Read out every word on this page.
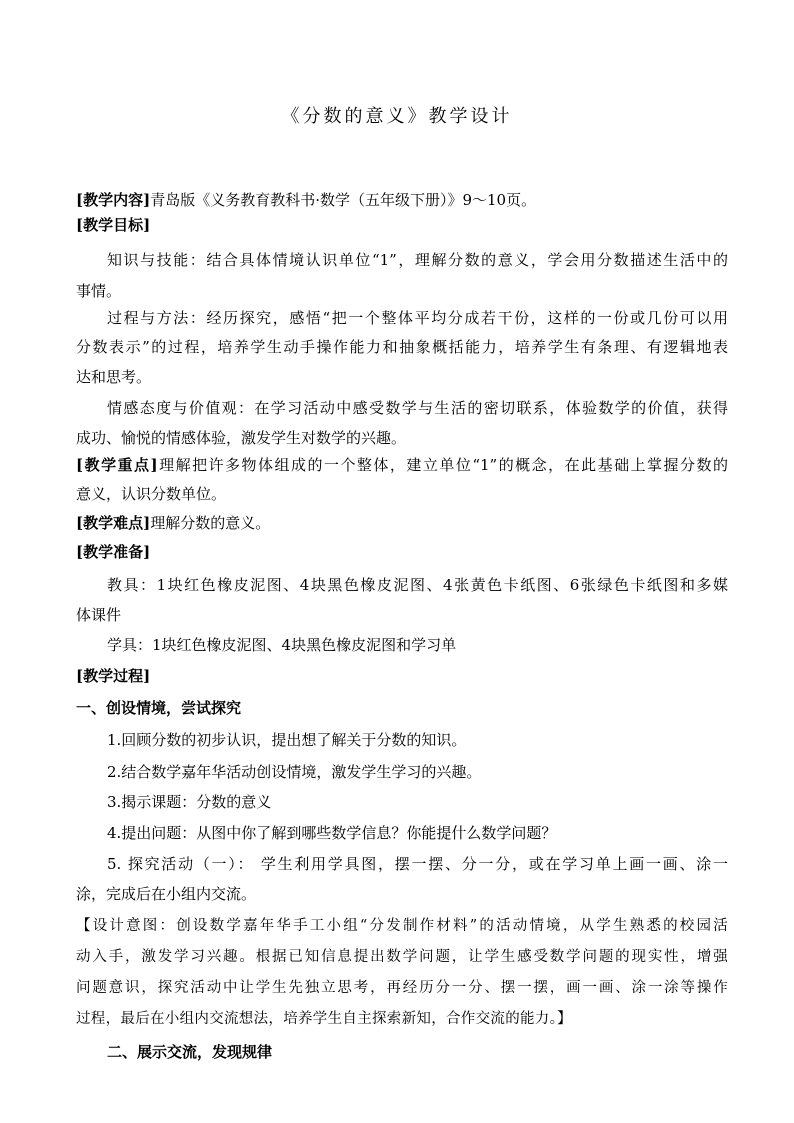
《分数的意义》教学设计
[教学内容]青岛版《义务教育教科书·数学（五年级下册）》9～10页。
[教学目标]
知识与技能：结合具体情境认识单位“1”，理解分数的意义，学会用分数描述生活中的
事情。
过程与方法：经历探究，感悟“把一个整体平均分成若干份，这样的一份或几份可以用
分数表示”的过程，培养学生动手操作能力和抽象概括能力，培养学生有条理、有逻辑地表
达和思考。
情感态度与价值观：在学习活动中感受数学与生活的密切联系，体验数学的价值，获得
成功、愉悦的情感体验，激发学生对数学的兴趣。
[教学重点]理解把许多物体组成的一个整体，建立单位“1”的概念，在此基础上掌握分数的
意义，认识分数单位。
[教学难点]理解分数的意义。
[教学准备]
教具：1块红色橡皮泥图、4块黑色橡皮泥图、4张黄色卡纸图、6张绿色卡纸图和多媒
体课件
学具：1块红色橡皮泥图、4块黑色橡皮泥图和学习单
[教学过程]
一、创设情境，尝试探究
1.回顾分数的初步认识，提出想了解关于分数的知识。
2.结合数学嘉年华活动创设情境，激发学生学习的兴趣。
3.揭示课题：分数的意义
4.提出问题：从图中你了解到哪些数学信息？你能提什么数学问题？
5. 探究活动（一）： 学生利用学具图，摆一摆、分一分，或在学习单上画一画、涂一
涂，完成后在小组内交流。
【设计意图：创设数学嘉年华手工小组“分发制作材料”的活动情境，从学生熟悉的校园活
动入手，激发学习兴趣。根据已知信息提出数学问题，让学生感受数学问题的现实性，增强
问题意识，探究活动中让学生先独立思考，再经历分一分、摆一摆，画一画、涂一涂等操作
过程，最后在小组内交流想法，培养学生自主探索新知，合作交流的能力。】
二、展示交流，发现规律
